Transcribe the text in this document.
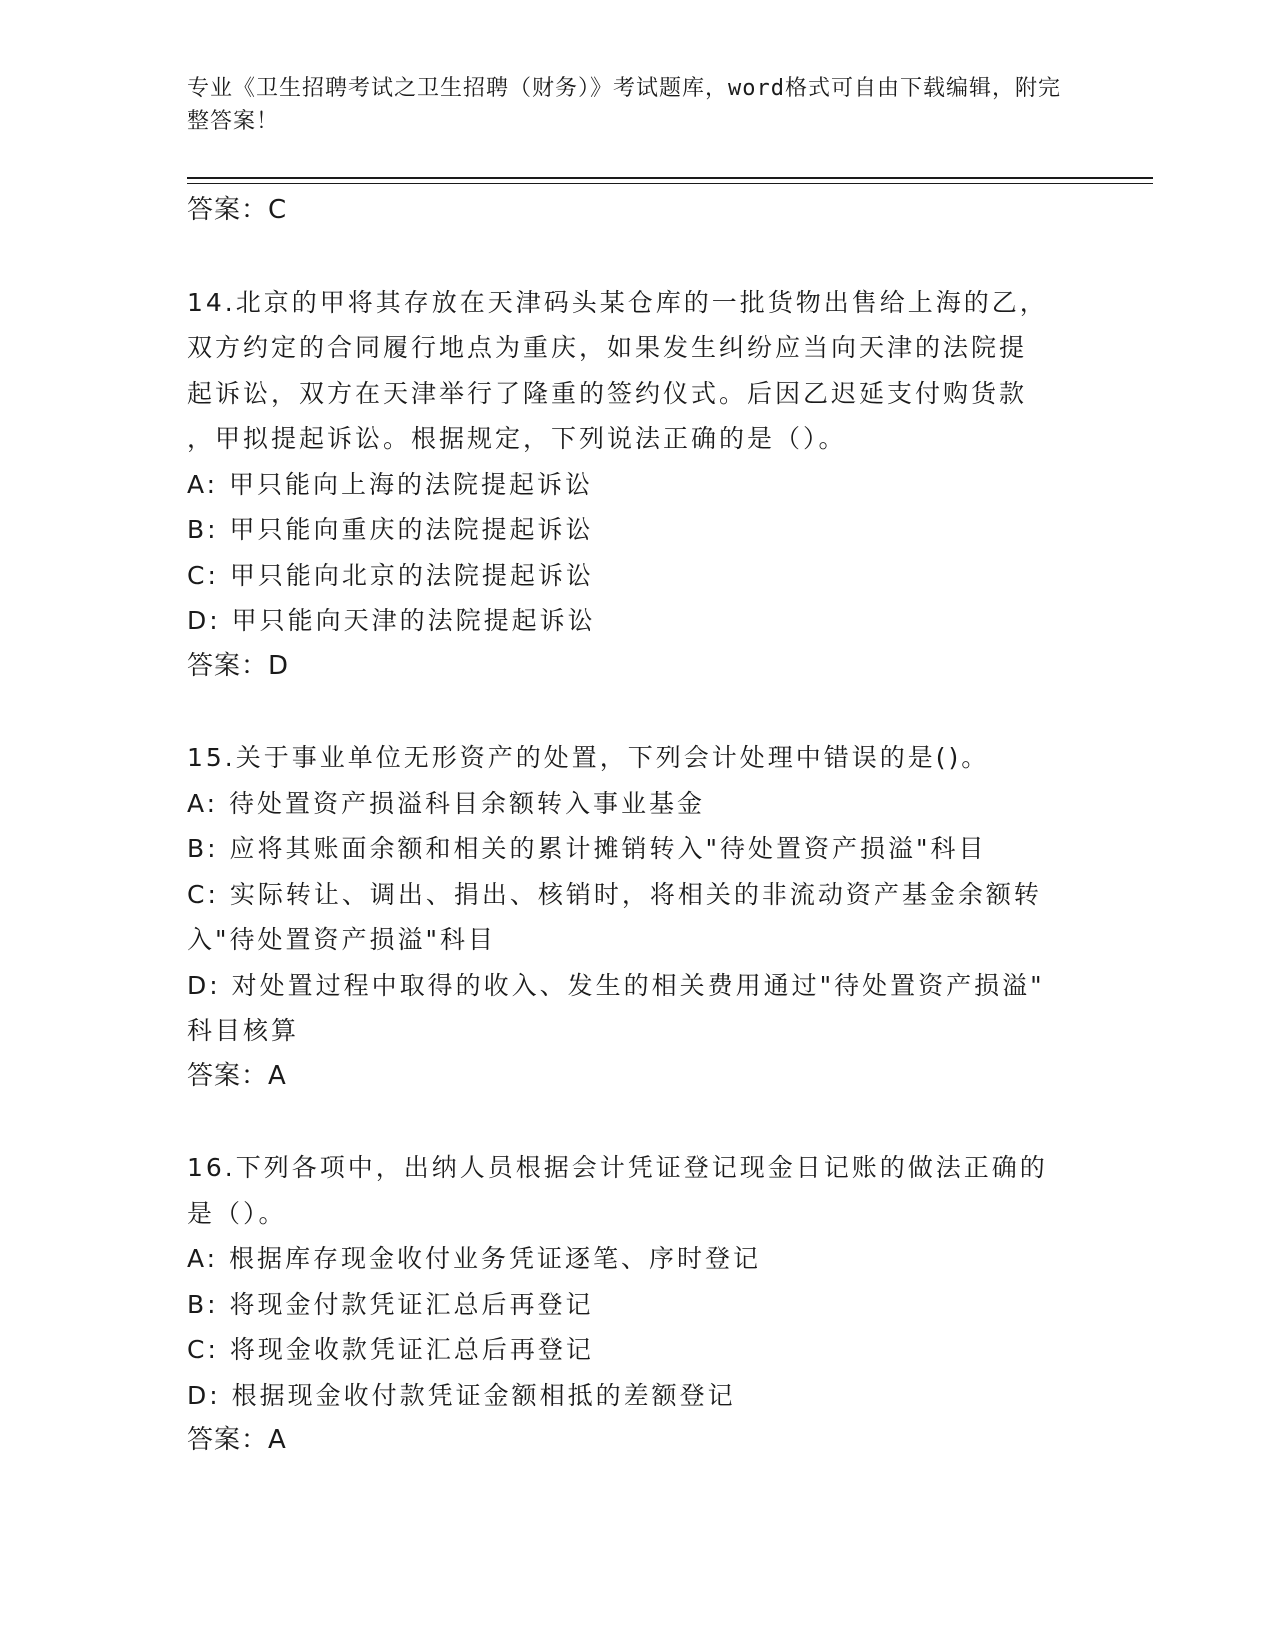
专业《卫生招聘考试之卫生招聘（财务）》考试题库，word格式可自由下载编辑，附完整答案！
答案：C
14.北京的甲将其存放在天津码头某仓库的一批货物出售给上海的乙，
双方约定的合同履行地点为重庆，如果发生纠纷应当向天津的法院提
起诉讼，双方在天津举行了隆重的签约仪式。后因乙迟延支付购货款
，甲拟提起诉讼。根据规定，下列说法正确的是（）。
A: 甲只能向上海的法院提起诉讼
B: 甲只能向重庆的法院提起诉讼
C: 甲只能向北京的法院提起诉讼
D: 甲只能向天津的法院提起诉讼
答案：D
15.关于事业单位无形资产的处置，下列会计处理中错误的是()。
A: 待处置资产损溢科目余额转入事业基金
B: 应将其账面余额和相关的累计摊销转入"待处置资产损溢"科目
C: 实际转让、调出、捐出、核销时，将相关的非流动资产基金余额转
入"待处置资产损溢"科目
D: 对处置过程中取得的收入、发生的相关费用通过"待处置资产损溢"
科目核算
答案：A
16.下列各项中，出纳人员根据会计凭证登记现金日记账的做法正确的
是（）。
A: 根据库存现金收付业务凭证逐笔、序时登记
B: 将现金付款凭证汇总后再登记
C: 将现金收款凭证汇总后再登记
D: 根据现金收付款凭证金额相抵的差额登记
答案：A
